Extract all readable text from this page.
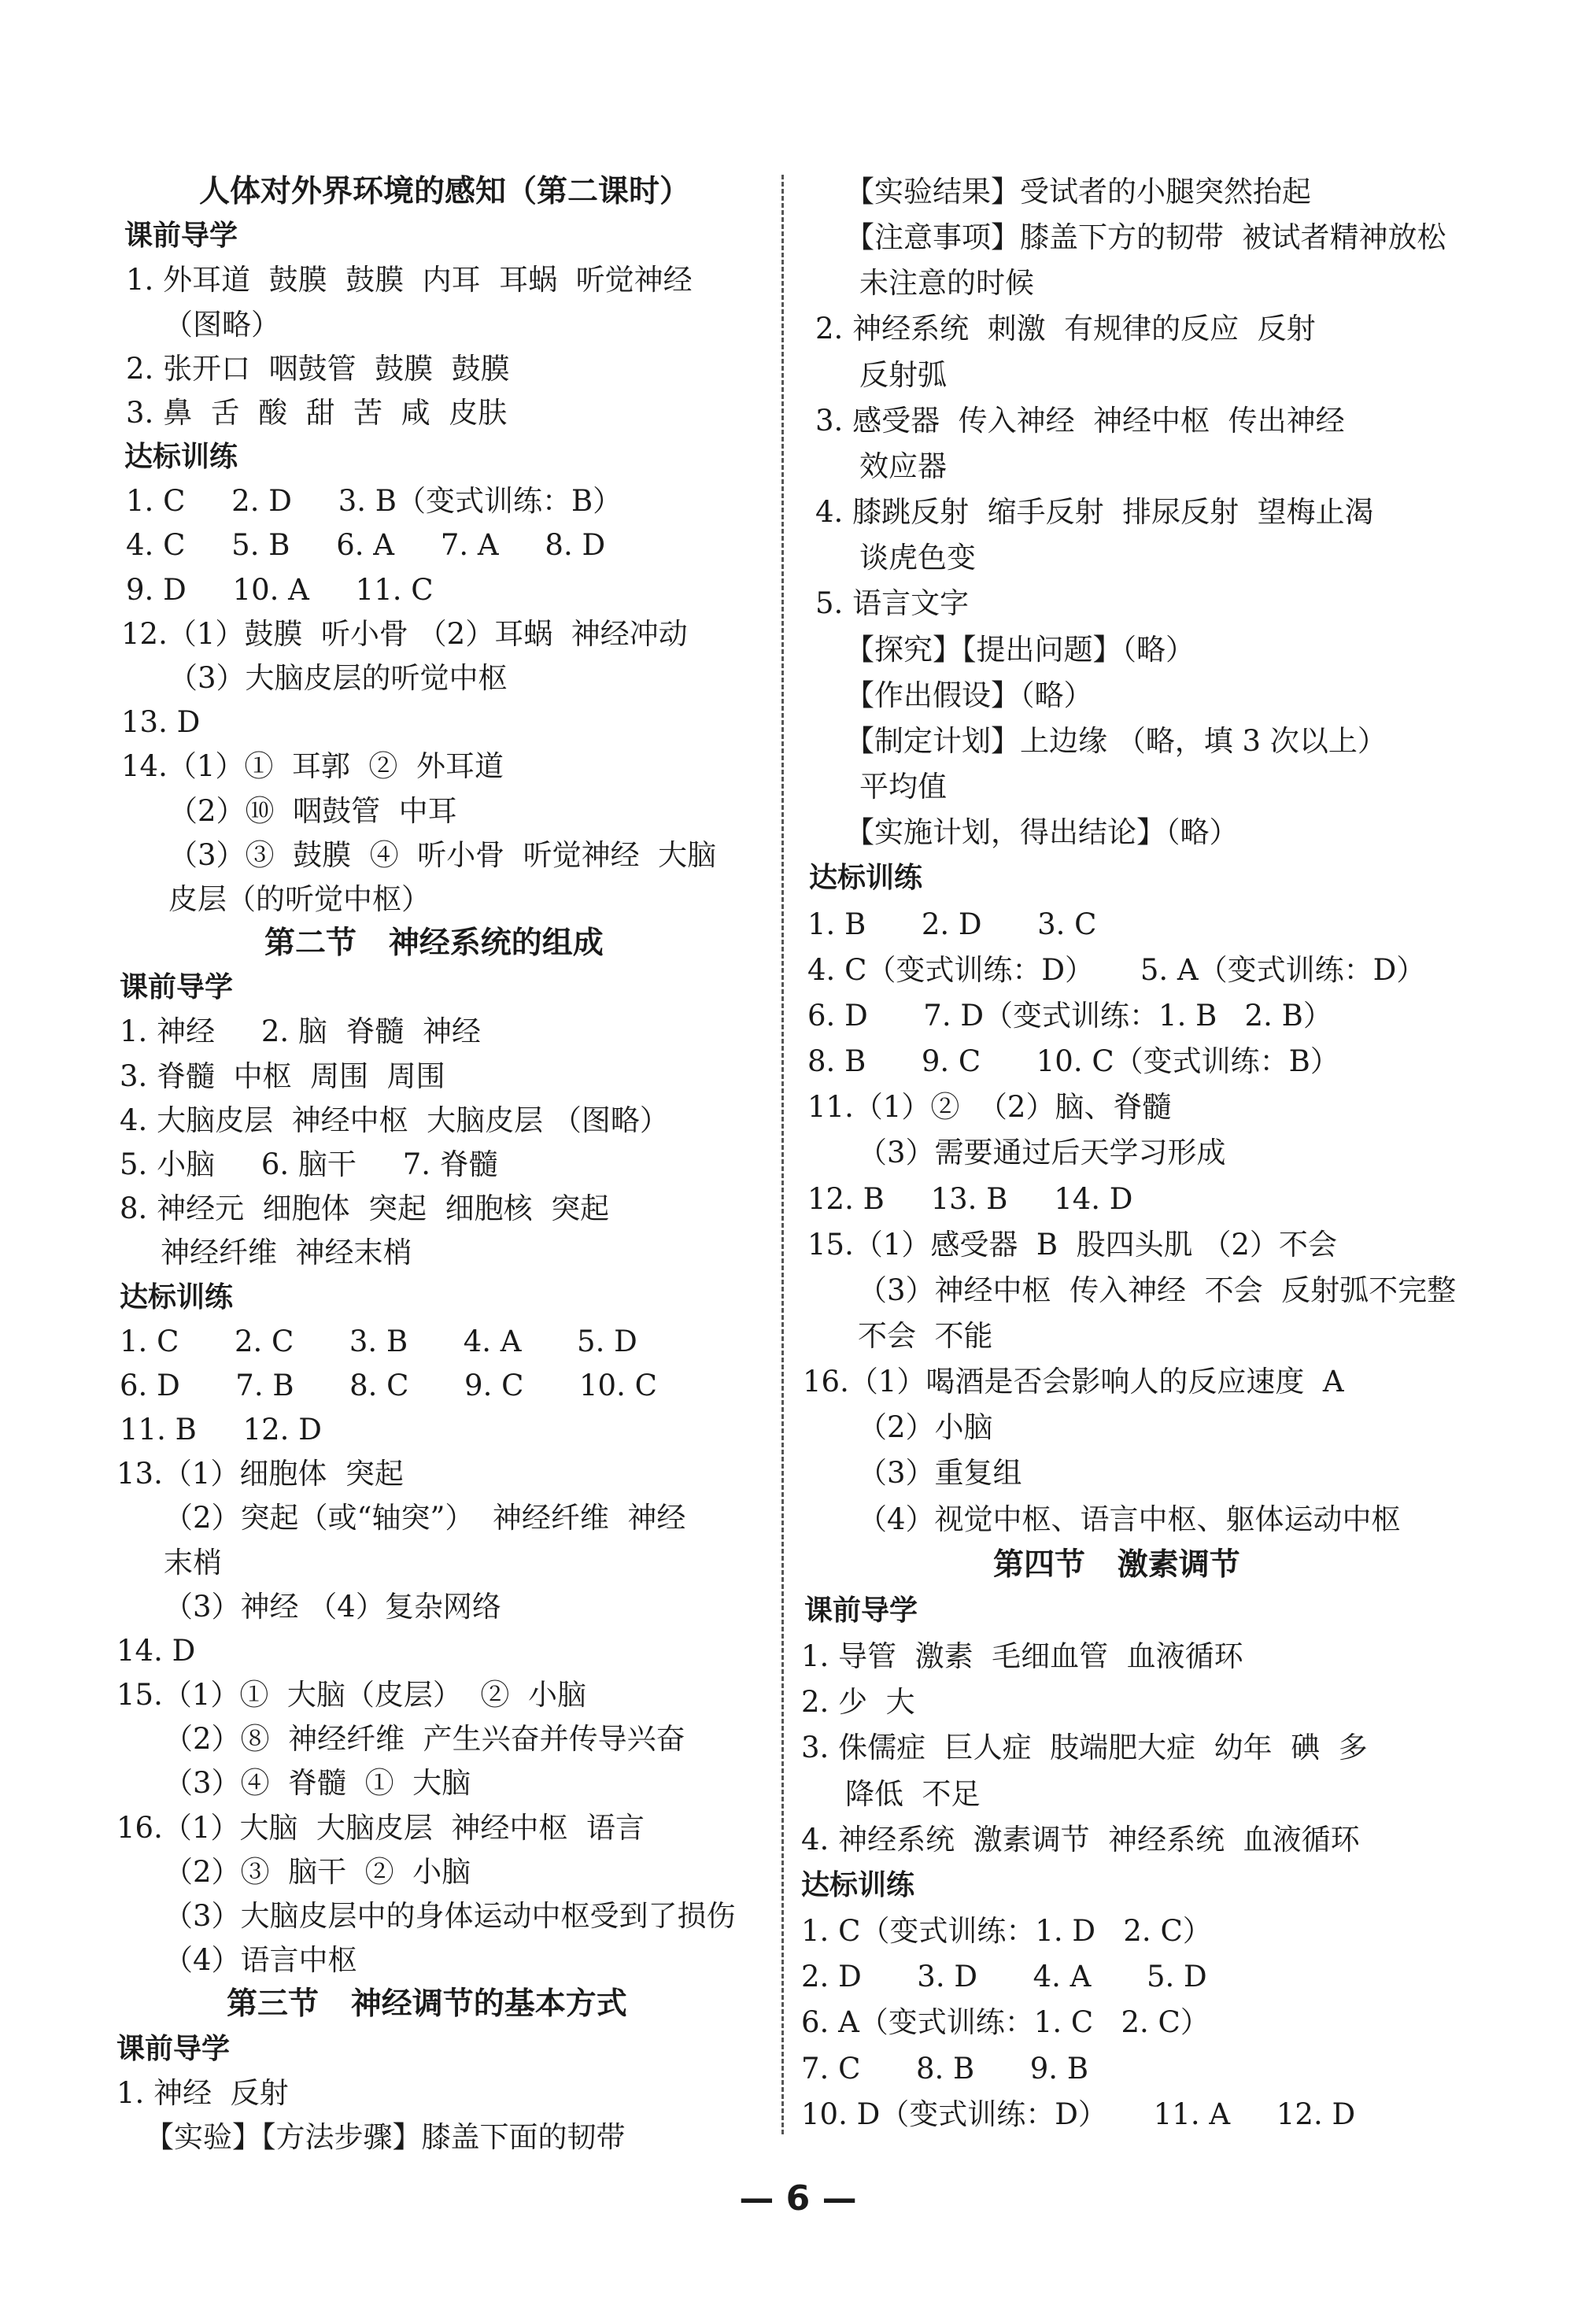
人体对外界环境的感知（第二课时）
课前导学
1. 外耳道  鼓膜  鼓膜  内耳  耳蜗  听觉神经
（图略）
2. 张开口  咽鼓管  鼓膜  鼓膜
3. 鼻  舌  酸  甜  苦  咸  皮肤
达标训练
1. C     2. D     3. B（变式训练：B）
4. C     5. B     6. A     7. A     8. D
9. D     10. A     11. C
12.（1）鼓膜  听小骨 （2）耳蜗  神经冲动
（3）大脑皮层的听觉中枢
13. D
14.（1）①  耳郭  ②  外耳道
（2）⑩  咽鼓管  中耳
（3）③  鼓膜  ④  听小骨  听觉神经  大脑
皮层（的听觉中枢）
第二节   神经系统的组成
课前导学
1. 神经     2. 脑  脊髓  神经
3. 脊髓  中枢  周围  周围
4. 大脑皮层  神经中枢  大脑皮层 （图略）
5. 小脑     6. 脑干     7. 脊髓
8. 神经元  细胞体  突起  细胞核  突起
神经纤维  神经末梢
达标训练
1. C      2. C      3. B      4. A      5. D
6. D      7. B      8. C      9. C      10. C
11. B     12. D
13.（1）细胞体  突起
（2）突起（或“轴突”）  神经纤维  神经
末梢
（3）神经 （4）复杂网络
14. D
15.（1）①  大脑（皮层）  ②  小脑
（2）⑧  神经纤维  产生兴奋并传导兴奋
（3）④  脊髓  ①  大脑
16.（1）大脑  大脑皮层  神经中枢  语言
（2）③  脑干  ②  小脑
（3）大脑皮层中的身体运动中枢受到了损伤
（4）语言中枢
第三节   神经调节的基本方式
课前导学
1. 神经  反射
【实验】【方法步骤】膝盖下面的韧带
【实验结果】受试者的小腿突然抬起
【注意事项】膝盖下方的韧带  被试者精神放松
未注意的时候
2. 神经系统  刺激  有规律的反应  反射
反射弧
3. 感受器  传入神经  神经中枢  传出神经
效应器
4. 膝跳反射  缩手反射  排尿反射  望梅止渴
谈虎色变
5. 语言文字
【探究】【提出问题】（略）
【作出假设】（略）
【制定计划】上边缘 （略，填 3 次以上）
平均值
【实施计划，得出结论】（略）
达标训练
1. B      2. D      3. C
4. C（变式训练：D）     5. A（变式训练：D）
6. D      7. D（变式训练：1. B   2. B）
8. B      9. C      10. C（变式训练：B）
11.（1）②  （2）脑、脊髓
（3）需要通过后天学习形成
12. B     13. B     14. D
15.（1）感受器  B  股四头肌 （2）不会
（3）神经中枢  传入神经  不会  反射弧不完整
不会  不能
16.（1）喝酒是否会影响人的反应速度  A
（2）小脑
（3）重复组
（4）视觉中枢、语言中枢、躯体运动中枢
第四节   激素调节
课前导学
1. 导管  激素  毛细血管  血液循环
2. 少  大
3. 侏儒症  巨人症  肢端肥大症  幼年  碘  多
降低  不足
4. 神经系统  激素调节  神经系统  血液循环
达标训练
1. C（变式训练：1. D   2. C）
2. D      3. D      4. A      5. D
6. A（变式训练：1. C   2. C）
7. C      8. B      9. B
10. D（变式训练：D）     11. A     12. D
— 6 —
